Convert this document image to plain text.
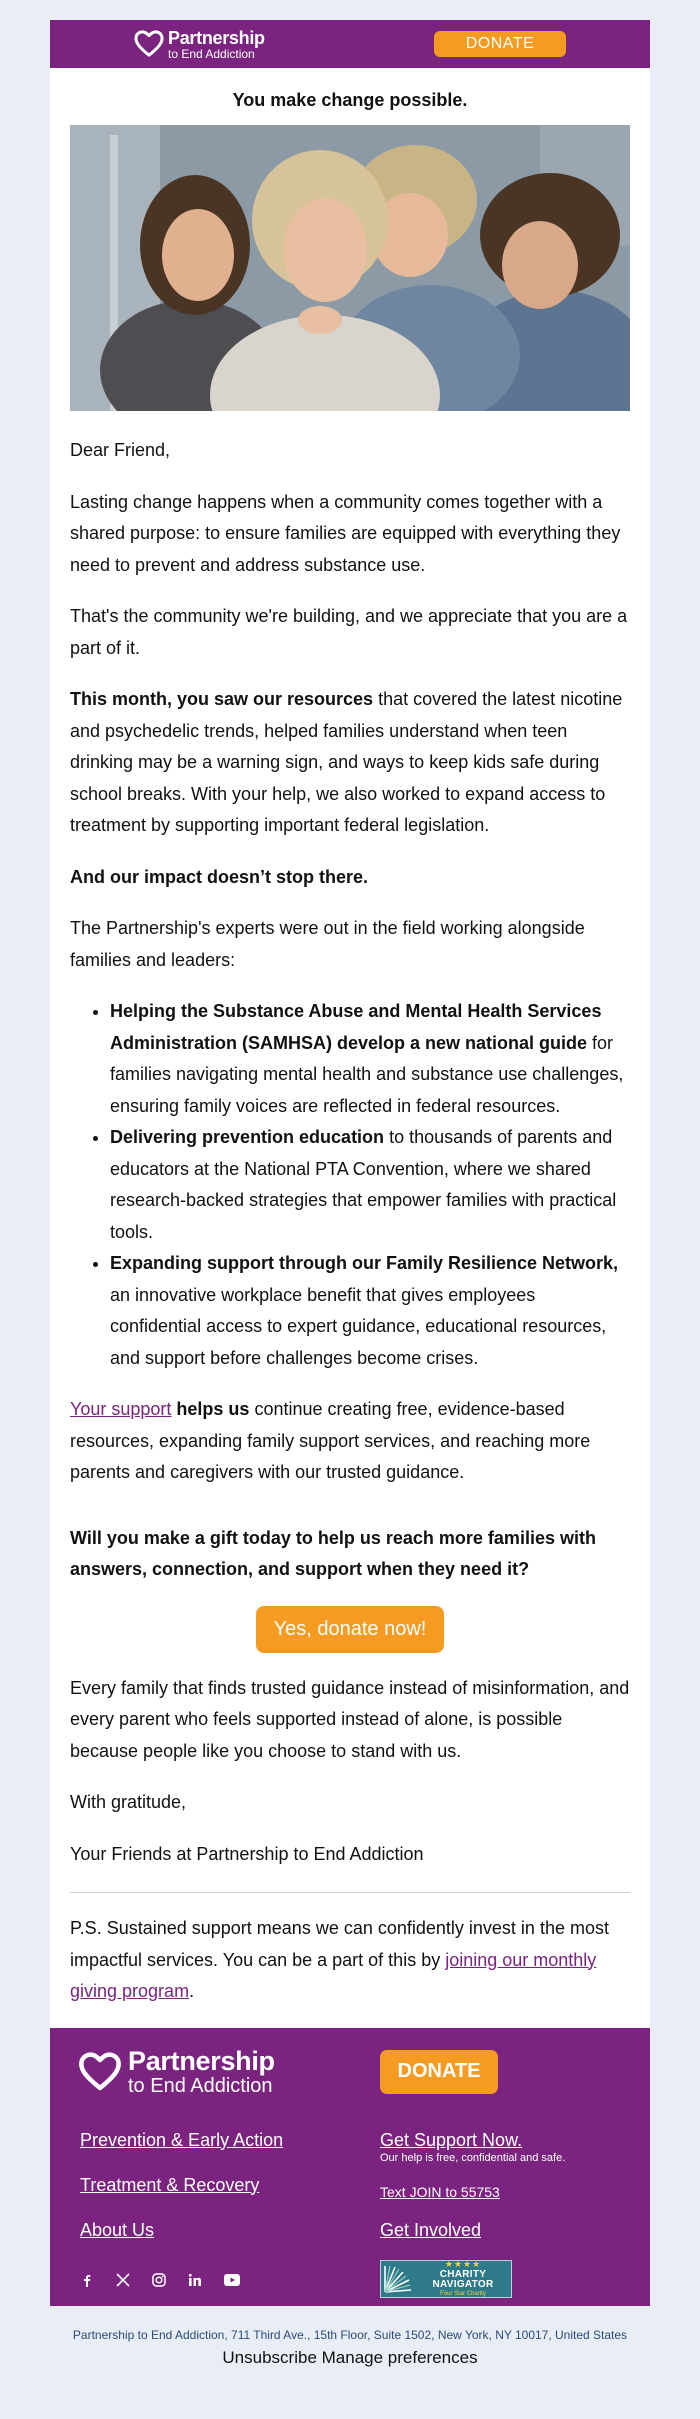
Partnership
to End Addiction
DONATE
You make change possible.

Dear Friend,

Lasting change happens when a community comes together with a shared purpose: to ensure families are equipped with everything they need to prevent and address substance use.

That's the community we're building, and we appreciate that you are a part of it.

This month, you saw our resources that covered the latest nicotine and psychedelic trends, helped families understand when teen drinking may be a warning sign, and ways to keep kids safe during school breaks. With your help, we also worked to expand access to treatment by supporting important federal legislation.

And our impact doesn’t stop there.

The Partnership's experts were out in the field working alongside families and leaders:

• Helping the Substance Abuse and Mental Health Services Administration (SAMHSA) develop a new national guide for families navigating mental health and substance use challenges, ensuring family voices are reflected in federal resources.
• Delivering prevention education to thousands of parents and educators at the National PTA Convention, where we shared research-backed strategies that empower families with practical tools.
• Expanding support through our Family Resilience Network, an innovative workplace benefit that gives employees confidential access to expert guidance, educational resources, and support before challenges become crises.

Your support helps us continue creating free, evidence-based resources, expanding family support services, and reaching more parents and caregivers with our trusted guidance.

Will you make a gift today to help us reach more families with answers, connection, and support when they need it?

Yes, donate now!

Every family that finds trusted guidance instead of misinformation, and every parent who feels supported instead of alone, is possible because people like you choose to stand with us.

With gratitude,

Your Friends at Partnership to End Addiction

P.S. Sustained support means we can confidently invest in the most impactful services. You can be a part of this by joining our monthly giving program.

Partnership
to End Addiction
DONATE
Prevention & Early Action
Treatment & Recovery
About Us
Get Support Now.
Our help is free, confidential and safe.
Text JOIN to 55753
Get Involved
★★★★
CHARITY NAVIGATOR
Four Star Charity
Partnership to End Addiction, 711 Third Ave., 15th Floor, Suite 1502, New York, NY 10017, United States
Unsubscribe Manage preferences
